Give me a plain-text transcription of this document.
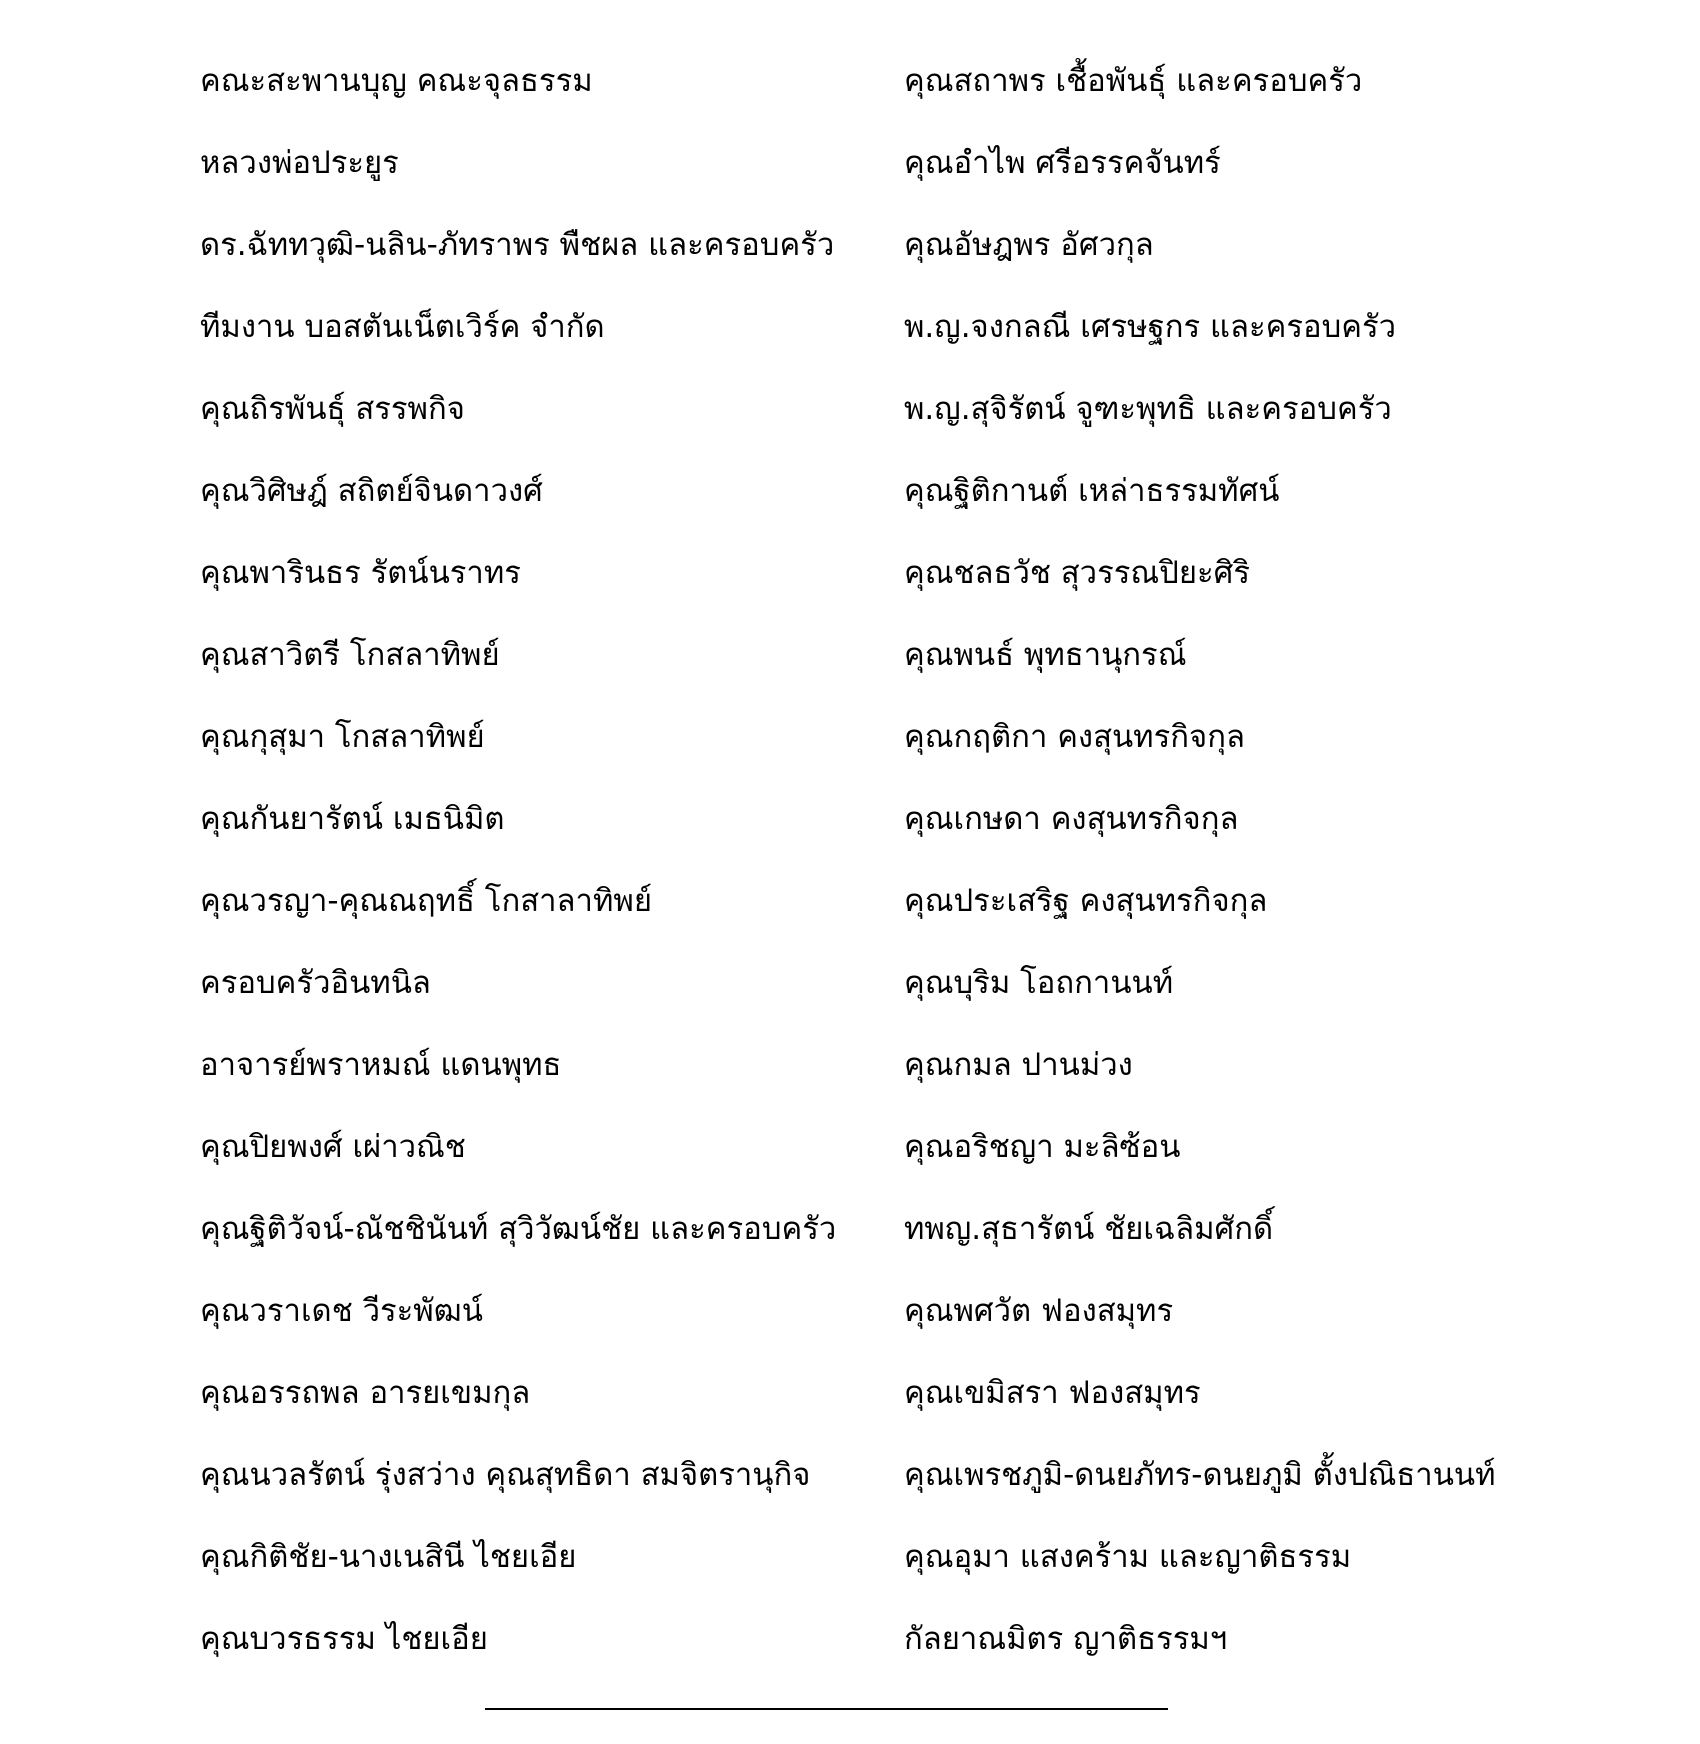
คณะสะพานบุญ คณะจุลธรรม
หลวงพ่อประยูร
ดร.ฉัททวุฒิ-นลิน-ภัทราพร พืชผล และครอบครัว
ทีมงาน บอสตันเน็ตเวิร์ค จำกัด
คุณถิรพันธุ์ สรรพกิจ
คุณวิศิษฎ์ สถิตย์จินดาวงศ์
คุณพารินธร รัตน์นราทร
คุณสาวิตรี โกสลาทิพย์
คุณกุสุมา โกสลาทิพย์
คุณกันยารัตน์ เมธนิมิต
คุณวรญา-คุณณฤทธิ์ โกสาลาทิพย์
ครอบครัวอินทนิล
อาจารย์พราหมณ์ แดนพุทธ
คุณปิยพงศ์ เผ่าวณิช
คุณฐิติวัจน์-ณัชชินันท์ สุวิวัฒน์ชัย และครอบครัว
คุณวราเดช วีระพัฒน์
คุณอรรถพล อารยเขมกุล
คุณนวลรัตน์ รุ่งสว่าง คุณสุทธิดา สมจิตรานุกิจ
คุณกิติชัย-นางเนสินี ไชยเอีย
คุณบวรธรรม ไชยเอีย
คุณสถาพร เชื้อพันธุ์ และครอบครัว
คุณอำไพ ศรีอรรคจันทร์
คุณอัษฎพร อัศวกุล
พ.ญ.จงกลณี เศรษฐกร และครอบครัว
พ.ญ.สุจิรัตน์ จูฑะพุทธิ และครอบครัว
คุณฐิติกานต์ เหล่าธรรมทัศน์
คุณชลธวัช สุวรรณปิยะศิริ
คุณพนธ์ พุทธานุกรณ์
คุณกฤติกา คงสุนทรกิจกุล
คุณเกษดา คงสุนทรกิจกุล
คุณประเสริฐ คงสุนทรกิจกุล
คุณบุริม โอถกานนท์
คุณกมล ปานม่วง
คุณอริชญา มะลิซ้อน
ทพญ.สุธารัตน์ ชัยเฉลิมศักดิ์
คุณพศวัต ฟองสมุทร
คุณเขมิสรา ฟองสมุทร
คุณเพรชภูมิ-ดนยภัทร-ดนยภูมิ ตั้งปณิธานนท์
คุณอุมา แสงคร้าม และญาติธรรม
กัลยาณมิตร ญาติธรรมฯ
